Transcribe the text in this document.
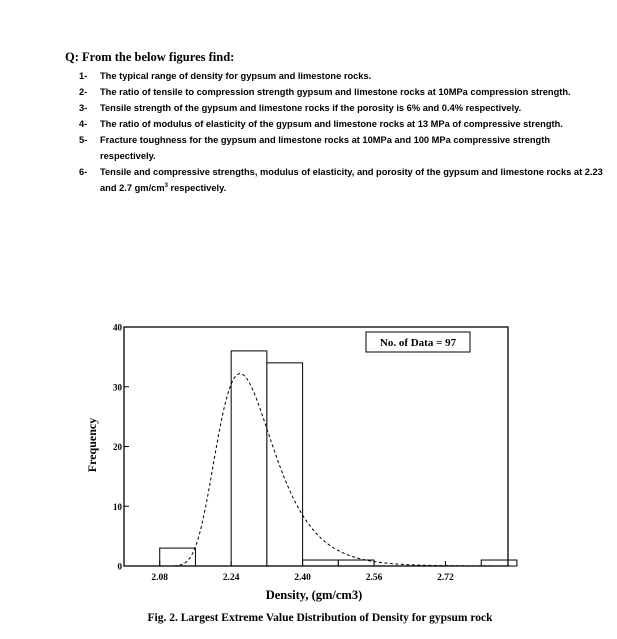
Q: From the below figures find:
1-	The typical range of density for gypsum and limestone rocks.
2-	The ratio of tensile to compression strength gypsum and limestone rocks at 10MPa compression strength.
3-	Tensile strength of the gypsum and limestone rocks if the porosity is 6% and 0.4% respectively.
4-	The ratio of modulus of elasticity of the gypsum and limestone rocks at 13 MPa of compressive strength.
5-	Fracture toughness for the gypsum and limestone rocks at 10MPa and 100 MPa compressive strength respectively.
6-	Tensile and compressive strengths, modulus of elasticity, and porosity of the gypsum and limestone rocks at 2.23 and 2.7 $gm/cm^3$ respectively.
0
10
20
30
40
2.08	2.24	2.40	2.56	2.72
No. of Data = 97
Density, (gm/cm3)
Frequency
Fig. 2. Largest Extreme Value Distribution of Density for gypsum rock
